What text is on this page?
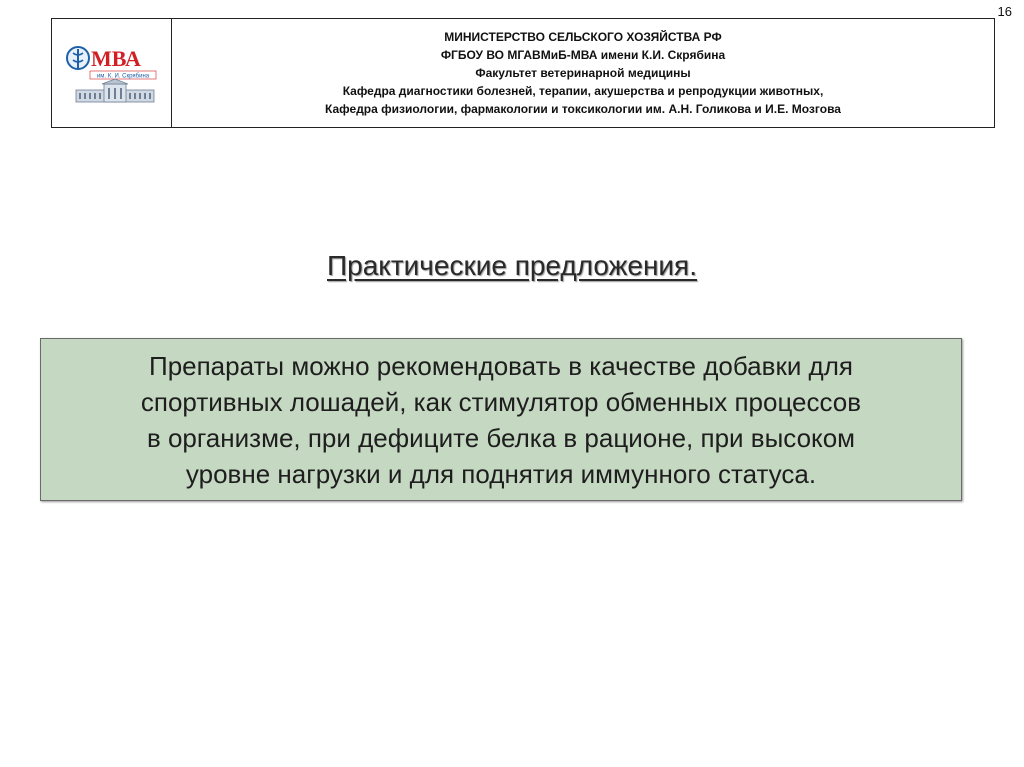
16
МВА
им. К. И. Скрябина
МИНИСТЕРСТВО СЕЛЬСКОГО ХОЗЯЙСТВА РФ
ФГБОУ ВО МГАВМиБ-МВА имени К.И. Скрябина
Факультет ветеринарной медицины
Кафедра диагностики болезней, терапии, акушерства и репродукции животных,
Кафедра физиологии, фармакологии и токсикологии им. А.Н. Голикова и И.Е. Мозгова
Практические предложения.
Препараты можно рекомендовать в качестве добавки для
спортивных лошадей, как стимулятор обменных процессов
в организме, при дефиците белка в рационе, при высоком
уровне нагрузки и для поднятия иммунного статуса.
